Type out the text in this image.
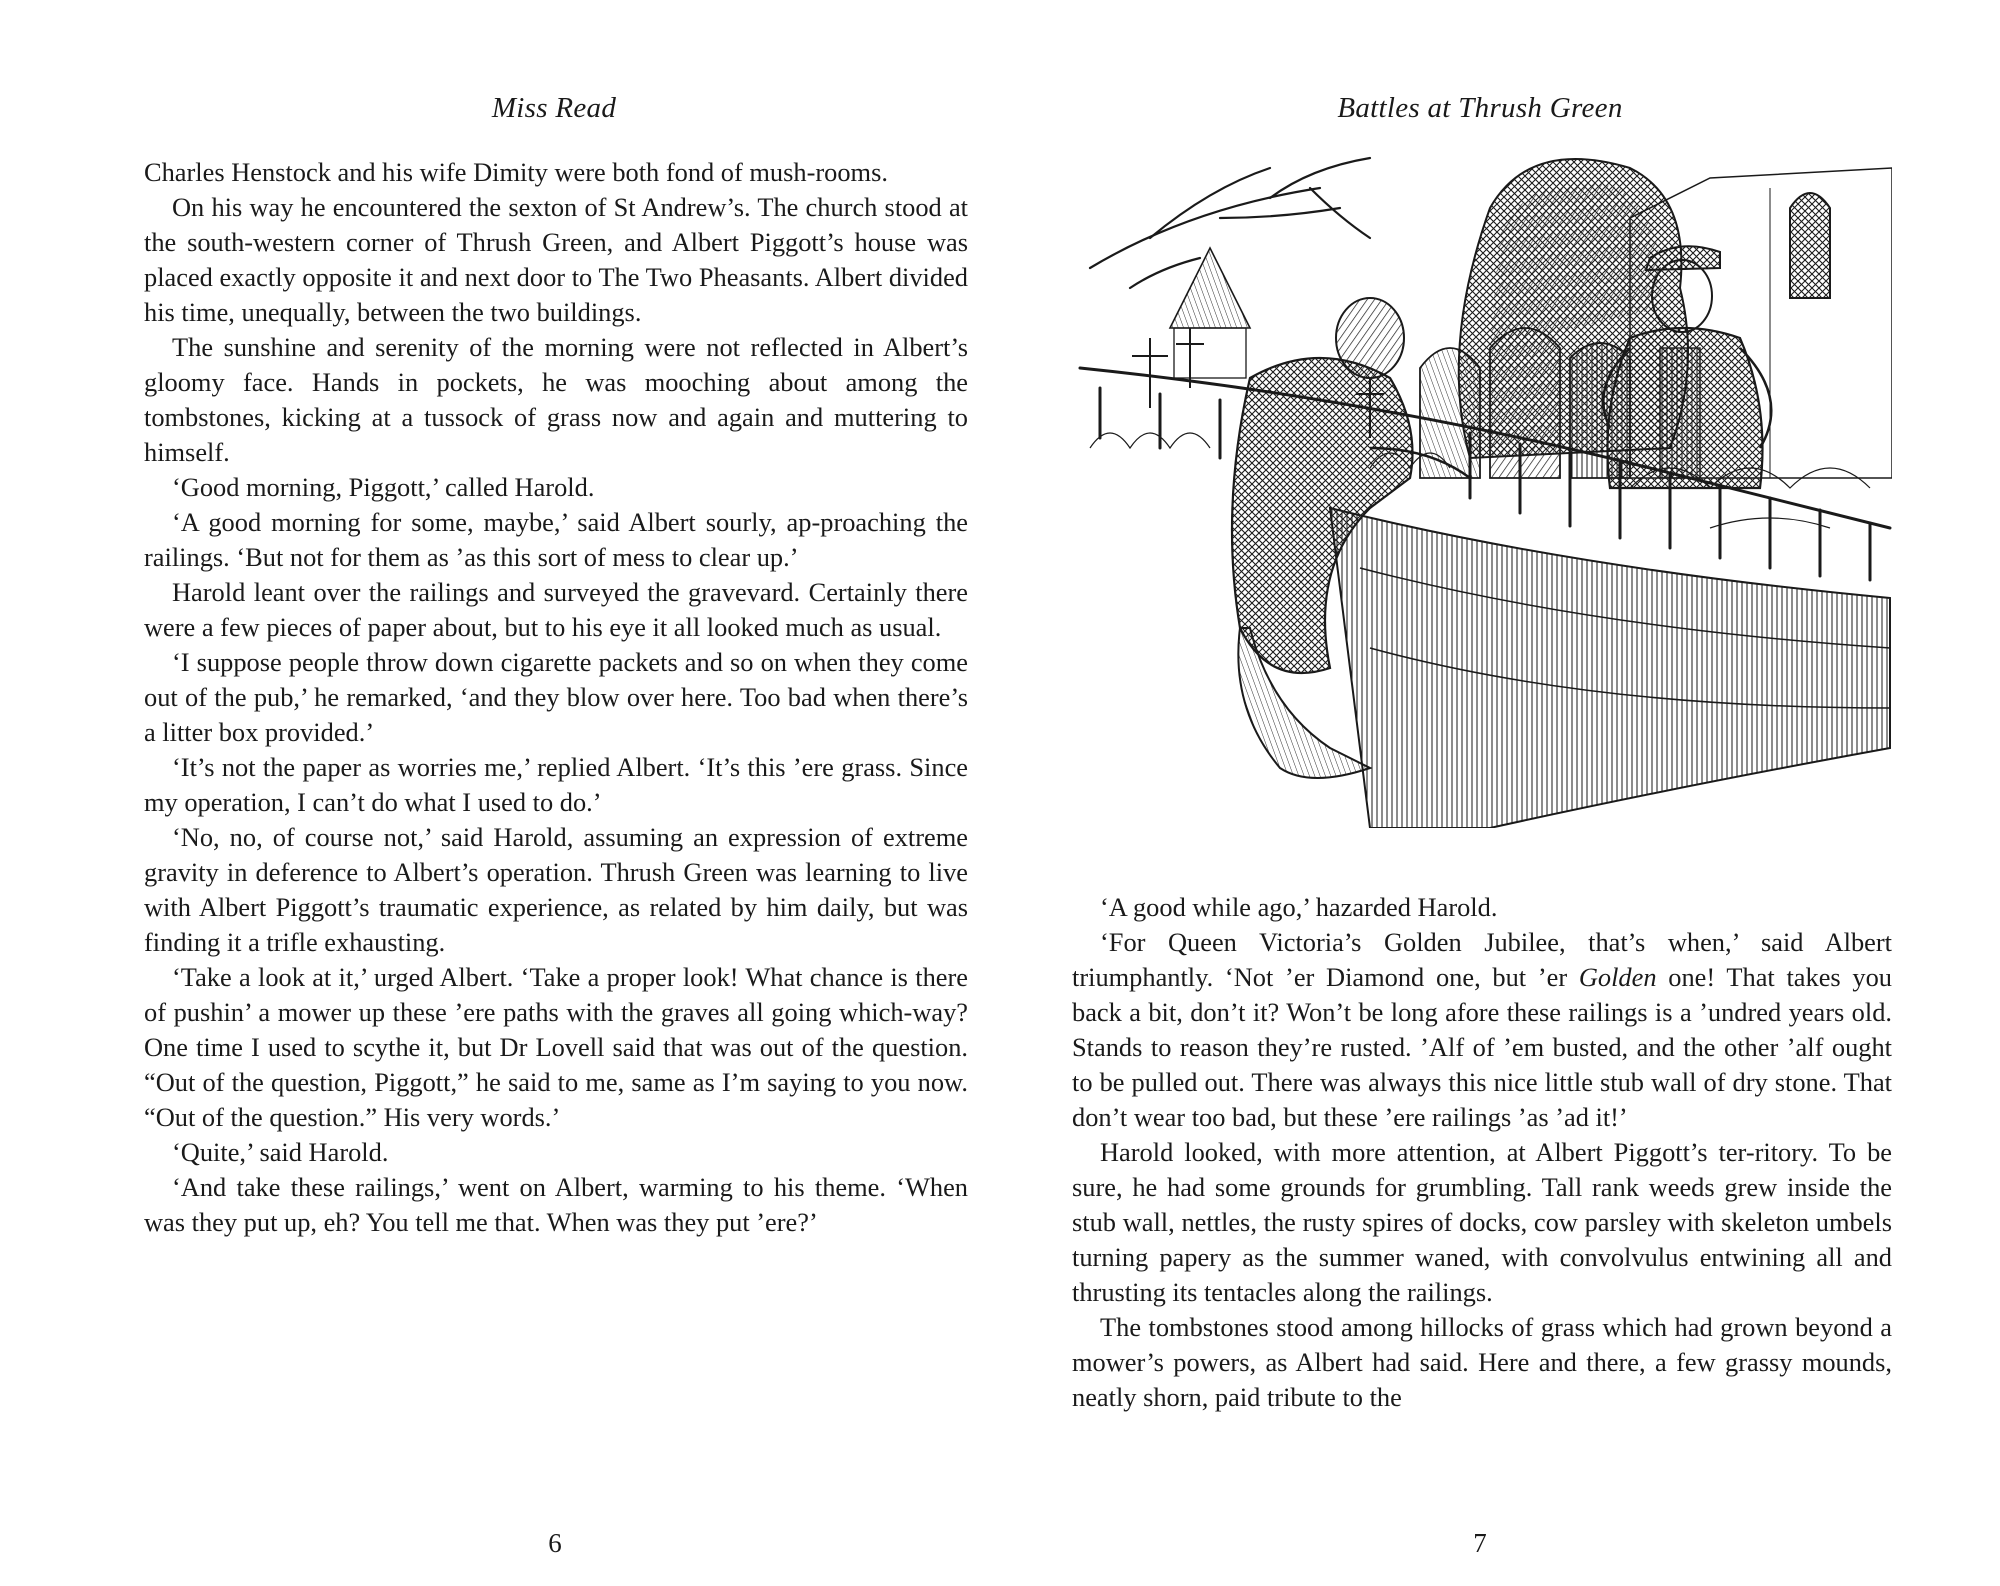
Miss Read

Charles Henstock and his wife Dimity were both fond of mush-rooms.

On his way he encountered the sexton of St Andrew’s. The church stood at the south-western corner of Thrush Green, and Albert Piggott’s house was placed exactly opposite it and next door to The Two Pheasants. Albert divided his time, unequally, between the two buildings.

The sunshine and serenity of the morning were not reflected in Albert’s gloomy face. Hands in pockets, he was mooching about among the tombstones, kicking at a tussock of grass now and again and muttering to himself.

‘Good morning, Piggott,’ called Harold.

‘A good morning for some, maybe,’ said Albert sourly, ap-proaching the railings. ‘But not for them as ’as this sort of mess to clear up.’

Harold leant over the railings and surveyed the gravevard. Certainly there were a few pieces of paper about, but to his eye it all looked much as usual.

‘I suppose people throw down cigarette packets and so on when they come out of the pub,’ he remarked, ‘and they blow over here. Too bad when there’s a litter box provided.’

‘It’s not the paper as worries me,’ replied Albert. ‘It’s this ’ere grass. Since my operation, I can’t do what I used to do.’

‘No, no, of course not,’ said Harold, assuming an expression of extreme gravity in deference to Albert’s operation. Thrush Green was learning to live with Albert Piggott’s traumatic experience, as related by him daily, but was finding it a trifle exhausting.

‘Take a look at it,’ urged Albert. ‘Take a proper look! What chance is there of pushin’ a mower up these ’ere paths with the graves all going which-way? One time I used to scythe it, but Dr Lovell said that was out of the question. “Out of the question, Piggott,” he said to me, same as I’m saying to you now. “Out of the question.” His very words.’

‘Quite,’ said Harold.

‘And take these railings,’ went on Albert, warming to his theme. ‘When was they put up, eh? You tell me that. When was they put ’ere?’

6
Battles at Thrush Green

‘A good while ago,’ hazarded Harold.

‘For Queen Victoria’s Golden Jubilee, that’s when,’ said Albert triumphantly. ‘Not ’er Diamond one, but ’er Golden one! That takes you back a bit, don’t it? Won’t be long afore these railings is a ’undred years old. Stands to reason they’re rusted. ’Alf of ’em busted, and the other ’alf ought to be pulled out. There was always this nice little stub wall of dry stone. That don’t wear too bad, but these ’ere railings ’as ’ad it!’

Harold looked, with more attention, at Albert Piggott’s ter-ritory. To be sure, he had some grounds for grumbling. Tall rank weeds grew inside the stub wall, nettles, the rusty spires of docks, cow parsley with skeleton umbels turning papery as the summer waned, with convolvulus entwining all and thrusting its tentacles along the railings.

The tombstones stood among hillocks of grass which had grown beyond a mower’s powers, as Albert had said. Here and there, a few grassy mounds, neatly shorn, paid tribute to the

7
